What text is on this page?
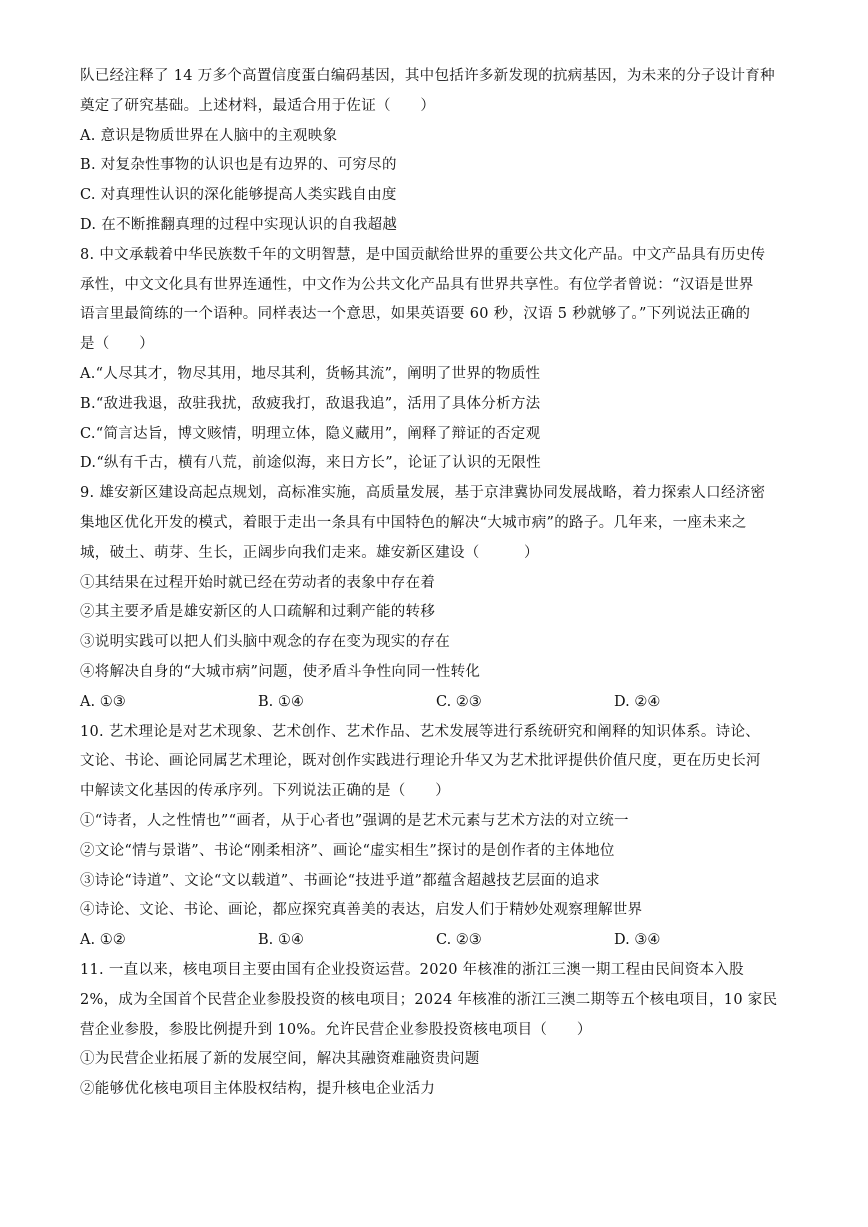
队已经注释了 14 万多个高置信度蛋白编码基因，其中包括许多新发现的抗病基因，为未来的分子设计育种
奠定了研究基础。上述材料，最适合用于佐证（　　）
A. 意识是物质世界在人脑中的主观映象
B. 对复杂性事物的认识也是有边界的、可穷尽的
C. 对真理性认识的深化能够提高人类实践自由度
D. 在不断推翻真理的过程中实现认识的自我超越
8. 中文承载着中华民族数千年的文明智慧，是中国贡献给世界的重要公共文化产品。中文产品具有历史传
承性，中文文化具有世界连通性，中文作为公共文化产品具有世界共享性。有位学者曾说：“汉语是世界
语言里最简练的一个语种。同样表达一个意思，如果英语要 60 秒，汉语 5 秒就够了。”下列说法正确的
是（　　）
A.“人尽其才，物尽其用，地尽其利，货畅其流”，阐明了世界的物质性
B.“敌进我退，敌驻我扰，敌疲我打，敌退我追”，活用了具体分析方法
C.“简言达旨，博文赅情，明理立体，隐义藏用”，阐释了辩证的否定观
D.“纵有千古，横有八荒，前途似海，来日方长”，论证了认识的无限性
9. 雄安新区建设高起点规划，高标准实施，高质量发展，基于京津冀协同发展战略，着力探索人口经济密
集地区优化开发的模式，着眼于走出一条具有中国特色的解决“大城市病”的路子。几年来，一座未来之
城，破土、萌芽、生长，正阔步向我们走来。雄安新区建设（　　　）
①其结果在过程开始时就已经在劳动者的表象中存在着
②其主要矛盾是雄安新区的人口疏解和过剩产能的转移
③说明实践可以把人们头脑中观念的存在变为现实的存在
④将解决自身的“大城市病”问题，使矛盾斗争性向同一性转化
A. ①③	B. ①④	C. ②③	D. ②④
10. 艺术理论是对艺术现象、艺术创作、艺术作品、艺术发展等进行系统研究和阐释的知识体系。诗论、
文论、书论、画论同属艺术理论，既对创作实践进行理论升华又为艺术批评提供价值尺度，更在历史长河
中解读文化基因的传承序列。下列说法正确的是（　　）
①“诗者，人之性情也”“画者，从于心者也”强调的是艺术元素与艺术方法的对立统一
②文论“情与景谐”、书论“刚柔相济”、画论“虚实相生”探讨的是创作者的主体地位
③诗论“诗道”、文论“文以载道”、书画论“技进乎道”都蕴含超越技艺层面的追求
④诗论、文论、书论、画论，都应探究真善美的表达，启发人们于精妙处观察理解世界
A. ①②	B. ①④	C. ②③	D. ③④
11. 一直以来，核电项目主要由国有企业投资运营。2020 年核准的浙江三澳一期工程由民间资本入股
2%，成为全国首个民营企业参股投资的核电项目；2024 年核准的浙江三澳二期等五个核电项目，10 家民
营企业参股，参股比例提升到 10%。允许民营企业参股投资核电项目（　　）
①为民营企业拓展了新的发展空间，解决其融资难融资贵问题
②能够优化核电项目主体股权结构，提升核电企业活力
